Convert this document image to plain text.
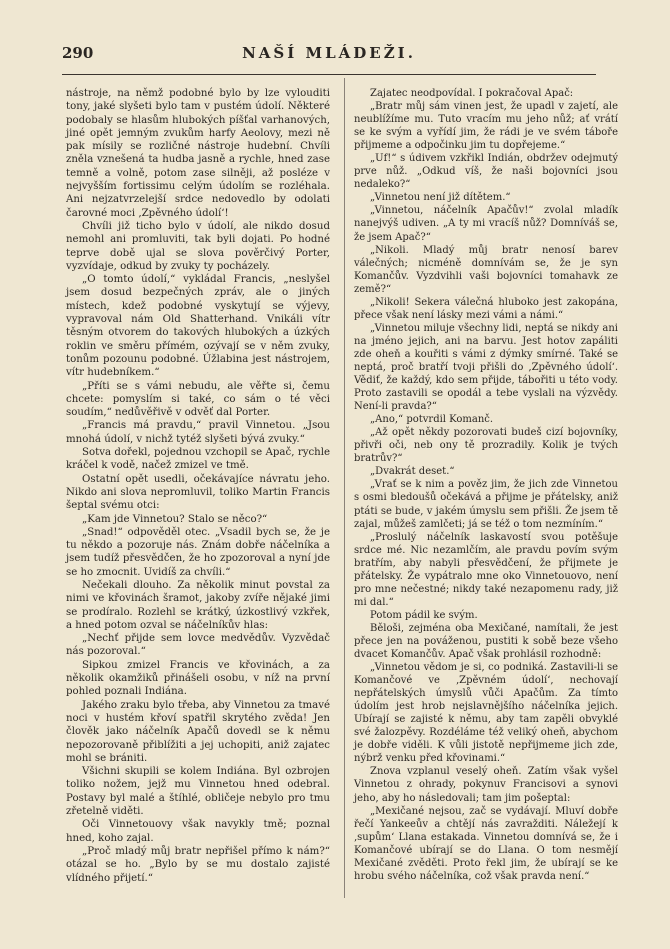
290	NAŠÍ MLÁDEŽI.

nástroje, na němž podobné bylo by lze vylouditi tony, jaké slyšeti bylo tam v pustém údolí. Některé podobaly se hlasům hlubokých píšťal varhanových, jiné opět jemným zvukům harfy Aeolovy, mezi ně pak mísily se rozličné nástroje hudební. Chvíli zněla vznešená ta hudba jasně a rychle, hned zase temně a volně, potom zase silněji, až posléze v nejvyšším fortissimu celým údolím se rozléhala. Ani nejzatvrzelejší srdce nedovedlo by odolati čarovné moci ‚Zpěvného údolí‘!

Chvíli již ticho bylo v údolí, ale nikdo dosud nemohl ani promluviti, tak byli dojati. Po hodné teprve době ujal se slova pověrčivý Porter, vyzvídaje, odkud by zvuky ty pocházely.

„O tomto údolí,“ vykládal Francis, „neslyšel jsem dosud bezpečných zpráv, ale o jiných místech, kdež podobné vyskytují se výjevy, vypravoval nám Old Shatterhand. Vnikáli vítr těsným otvorem do takových hlubokých a úzkých roklin ve směru přímém, ozývají se v něm zvuky, tonům pozounu podobné. Úžlabina jest nástrojem, vítr hudebníkem.“

„Příti se s vámi nebudu, ale věřte si, čemu chcete: pomyslím si také, co sám o té věci soudím,“ nedůvěřivě v odvěť dal Porter.

„Francis má pravdu,“ pravil Vinnetou. „Jsou mnohá údolí, v nichž tytéž slyšeti bývá zvuky.“

Sotva dořekl, pojednou vzchopil se Apač, rychle kráčel k vodě, načež zmizel ve tmě.

Ostatní opět usedli, očekávajíce návratu jeho. Nikdo ani slova nepromluvil, toliko Martin Francis šeptal svému otci:

„Kam jde Vinnetou? Stalo se něco?“

„Snad!“ odpověděl otec. „Vsadil bych se, že je tu někdo a pozoruje nás. Znám dobře náčelníka a jsem tudíž přesvědčen, že ho zpozoroval a nyní jde se ho zmocnit. Uvidíš za chvíli.“

Nečekali dlouho. Za několik minut povstal za nimi ve křovinách šramot, jakoby zvíře nějaké jimi se prodíralo. Rozlehl se krátký, úzkostlivý vzkřek, a hned potom ozval se náčelníkův hlas:

„Nechť přijde sem lovce medvědův. Vyzvědač nás pozoroval.“

Sipkou zmizel Francis ve křovinách, a za několik okamžiků přinášeli osobu, v níž na první pohled poznali Indiána.

Jakého zraku bylo třeba, aby Vinnetou za tmavé noci v hustém křoví spatřil skrytého zvěda! Jen člověk jako náčelník Apačů dovedl se k němu nepozorovaně přiblížiti a jej uchopiti, aniž zajatec mohl se brániti.

Všichni skupili se kolem Indiána. Byl ozbrojen toliko nožem, jejž mu Vinnetou hned odebral. Postavy byl malé a štíhlé, obličeje nebylo pro tmu zřetelně viděti.

Oči Vinnetouovy však navykly tmě; poznal hned, koho zajal.

„Proč mladý můj bratr nepřišel přímo k nám?“ otázal se ho. „Bylo by se mu dostalo zajisté vlídného přijetí.“

Zajatec neodpovídal. I pokračoval Apač:

„Bratr můj sám vinen jest, že upadl v zajetí, ale neublížíme mu. Tuto vracím mu jeho nůž; ať vrátí se ke svým a vyřídí jim, že rádi je ve svém táboře přijmeme a odpočinku jim tu dopřejeme.“

„Uf!“ s údivem vzkřikl Indián, obdržev odejmutý prve nůž. „Odkud víš, že naši bojovníci jsou nedaleko?“

„Vinnetou není již dítětem.“

„Vinnetou, náčelník Apačův!“ zvolal mladík nanejvýš udiven. „A ty mi vracíš nůž? Domníváš se, že jsem Apač?“

„Nikoli. Mladý můj bratr nenosí barev válečných; nicméně domnívám se, že je syn Komančův. Vyzdvihli vaši bojovníci tomahavk ze země?“

„Nikoli! Sekera válečná hluboko jest zakopána, přece však není lásky mezi vámi a námi.“

„Vinnetou miluje všechny lidi, neptá se nikdy ani na jméno jejich, ani na barvu. Jest hotov zapáliti zde oheň a kouřiti s vámi z dýmky smírné. Také se neptá, proč bratří tvoji přišli do ‚Zpěvného údolí‘. Vědiť, že každý, kdo sem přijde, tábořiti u této vody. Proto zastavili se opodál a tebe vyslali na výzvědy. Není-li pravda?“

„Ano,“ potvrdil Komanč.

„Až opět někdy pozorovati budeš cizí bojovníky, přivři oči, neb ony tě prozradily. Kolik je tvých bratrův?“

„Dvakrát deset.“

„Vrať se k nim a pověz jim, že jich zde Vinnetou s osmi bledoušů očekává a přijme je přátelsky, aniž ptáti se bude, v jakém úmyslu sem přišli. Že jsem tě zajal, můžeš zamlčeti; já se též o tom nezmíním.“

„Proslulý náčelník laskavostí svou potěšuje srdce mé. Nic nezamlčím, ale pravdu povím svým bratřím, aby nabyli přesvědčení, že přijmete je přátelsky. Že vypátralo mne oko Vinnetouovo, není pro mne nečestné; nikdy také nezapomenu rady, již mi dal.“

Potom pádil ke svým.

Běloši, zejména oba Mexičané, namítali, že jest přece jen na pováženou, pustiti k sobě beze všeho dvacet Komančův. Apač však prohlásil rozhodně:

„Vinnetou vědom je si, co podniká. Zastavili-li se Komančové ve ‚Zpěvném údolí‘, nechovají nepřátelských úmyslů vůči Apačům. Za tímto údolím jest hrob nejslavnějšího náčelníka jejich. Ubírají se zajisté k němu, aby tam zapěli obvyklé své žalozpěvy. Rozdéláme též veliký oheň, abychom je dobře viděli. K vůli jistotě nepřijmeme jich zde, nýbrž venku před křovinami.“

Znova vzplanul veselý oheň. Zatím však vyšel Vinnetou z ohrady, pokynuv Francisovi a synovi jeho, aby ho následovali; tam jim pošeptal:

„Mexičané nejsou, zač se vydávají. Mluví dobře řečí Yankeeův a chtějí nás zavražditi. Náležejí k ‚supům‘ Llana estakada. Vinnetou domnívá se, že i Komančové ubírají se do Llana. O tom nesmějí Mexičané zvěděti. Proto řekl jim, že ubírají se ke hrobu svého náčelníka, což však pravda není.“
